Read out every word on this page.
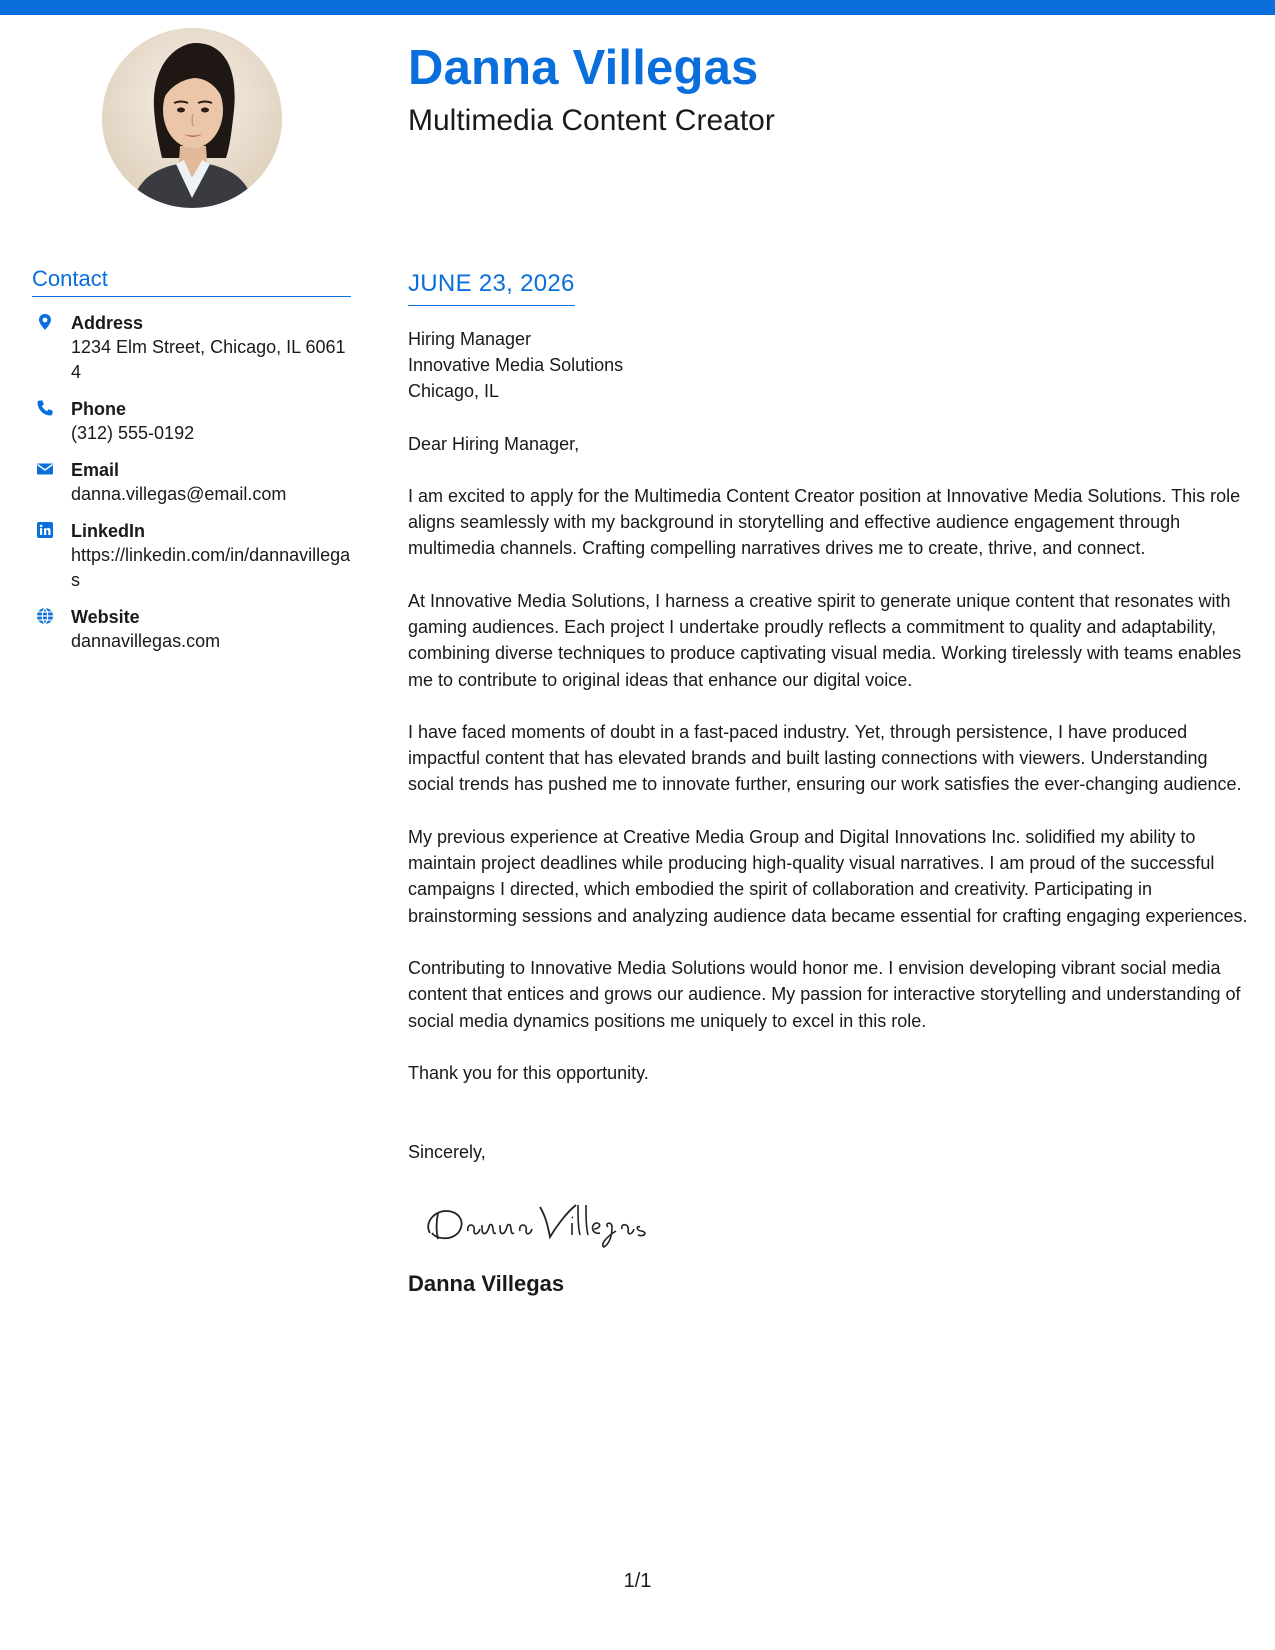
Danna Villegas
Multimedia Content Creator
Contact
Address
1234 Elm Street, Chicago, IL 60614
Phone
(312) 555-0192
Email
danna.villegas@email.com
LinkedIn
https://linkedin.com/in/dannavillegas
Website
dannavillegas.com
JUNE 23, 2026
Hiring Manager
Innovative Media Solutions
Chicago, IL
Dear Hiring Manager,
I am excited to apply for the Multimedia Content Creator position at Innovative Media Solutions. This role aligns seamlessly with my background in storytelling and effective audience engagement through multimedia channels. Crafting compelling narratives drives me to create, thrive, and connect.
At Innovative Media Solutions, I harness a creative spirit to generate unique content that resonates with gaming audiences. Each project I undertake proudly reflects a commitment to quality and adaptability, combining diverse techniques to produce captivating visual media. Working tirelessly with teams enables me to contribute to original ideas that enhance our digital voice.
I have faced moments of doubt in a fast-paced industry. Yet, through persistence, I have produced impactful content that has elevated brands and built lasting connections with viewers. Understanding social trends has pushed me to innovate further, ensuring our work satisfies the ever-changing audience.
My previous experience at Creative Media Group and Digital Innovations Inc. solidified my ability to maintain project deadlines while producing high-quality visual narratives. I am proud of the successful campaigns I directed, which embodied the spirit of collaboration and creativity. Participating in brainstorming sessions and analyzing audience data became essential for crafting engaging experiences.
Contributing to Innovative Media Solutions would honor me. I envision developing vibrant social media content that entices and grows our audience. My passion for interactive storytelling and understanding of social media dynamics positions me uniquely to excel in this role.
Thank you for this opportunity.
Sincerely,
Danna Villegas
1/1
